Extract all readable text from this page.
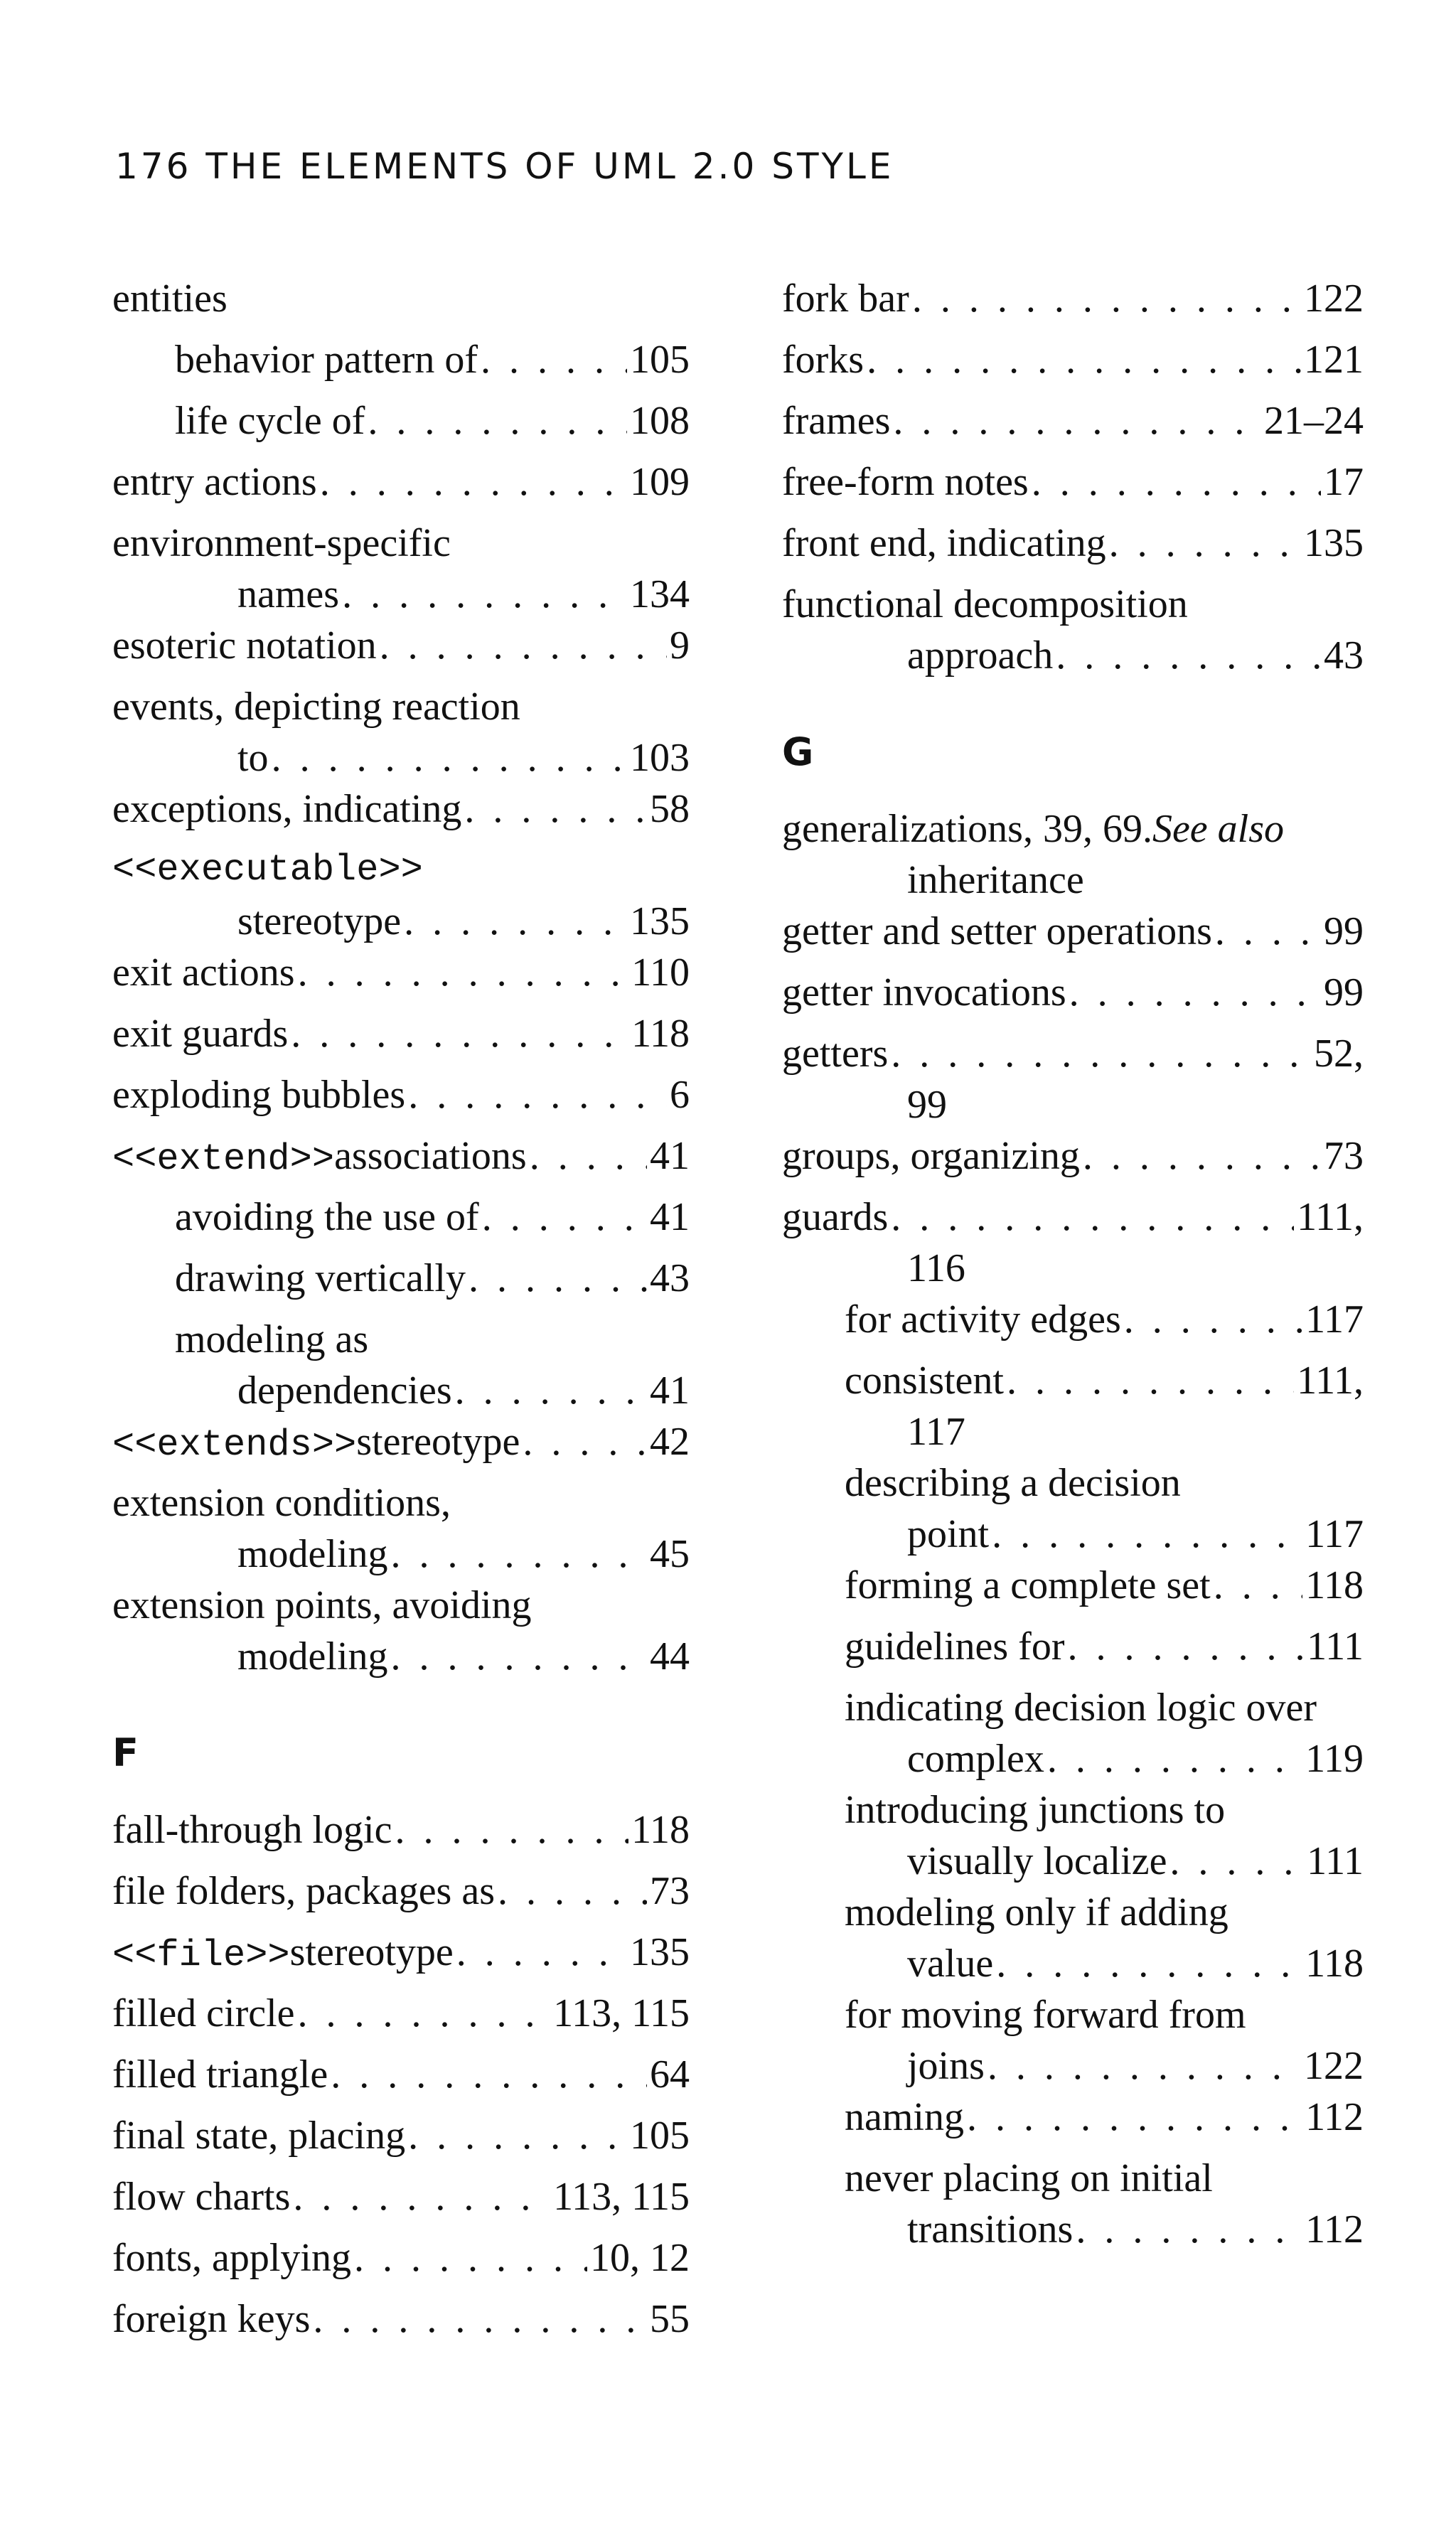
176 THE ELEMENTS OF UML 2.0 STYLE
entities
behavior pattern of . . .	105
life cycle of . . .	108
entry actions . . .	109
environment-specific
names . . .	134
esoteric notation . . .	9
events, depicting reaction
to . . .	103
exceptions, indicating . . .	58
<<executable>>
stereotype . . .	135
exit actions . . .	110
exit guards . . .	118
exploding bubbles . . .	6
<<extend>> associations . . .	41
avoiding the use of . . .	41
drawing vertically . . .	43
modeling as
dependencies . . .	41
<<extends>> stereotype . . .	42
extension conditions,
modeling . . .	45
extension points, avoiding
modeling . . .	44
F
fall-through logic . . .	118
file folders, packages as . . .	73
<<file>> stereotype . . .	135
filled circle . . .	113, 115
filled triangle . . .	64
final state, placing . . .	105
flow charts . . .	113, 115
fonts, applying . . .	10, 12
foreign keys . . .	55
fork bar . . .	122
forks . . .	121
frames . . .	21–24
free-form notes . . .	17
front end, indicating . . .	135
functional decomposition
approach . . .	43
G
generalizations, 39, 69. See also
inheritance
getter and setter operations . . .	99
getter invocations . . .	99
getters . . .	52,
99
groups, organizing . . .	73
guards . . .	111,
116
for activity edges . . .	117
consistent . . .	111,
117
describing a decision
point . . .	117
forming a complete set . . . 118
guidelines for . . .	111
indicating decision logic over
complex . . .	119
introducing junctions to
visually localize . . .	111
modeling only if adding
value . . .	118
for moving forward from
joins . . .	122
naming . . .	112
never placing on initial
transitions . . .	112
